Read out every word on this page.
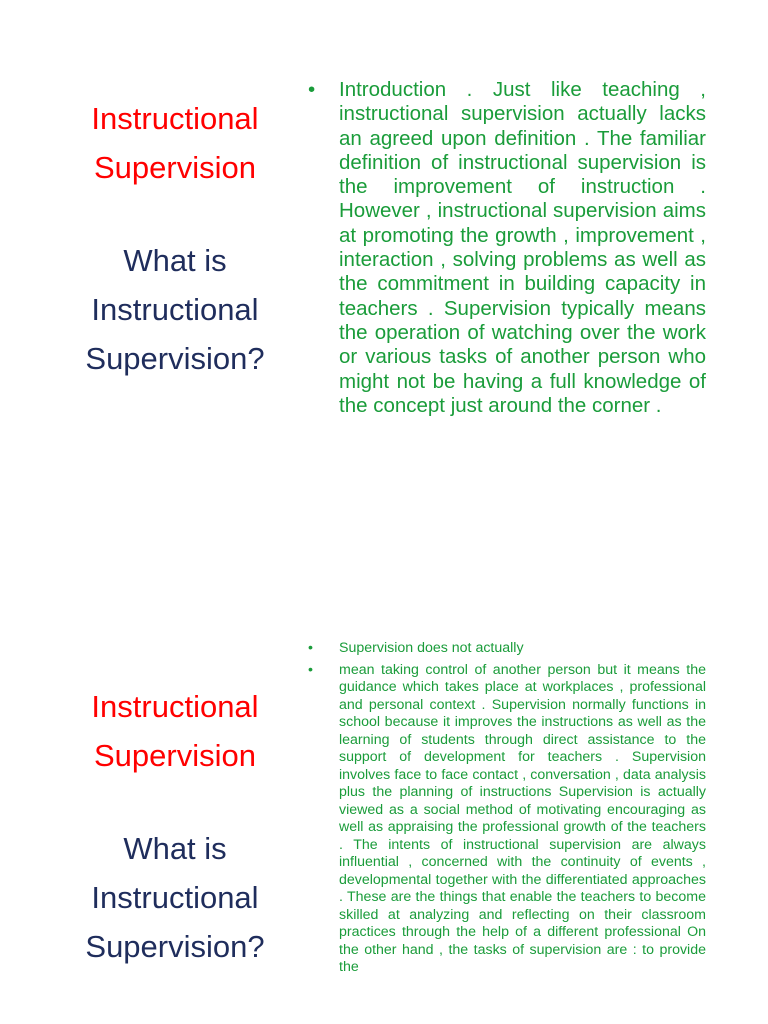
Instructional

Supervision

What is

Instructional

Supervision?

• Introduction . Just like teaching , instructional supervision actually lacks an agreed upon definition . The familiar definition of instructional supervision is the improvement of instruction . However , instructional supervision aims at promoting the growth , improvement , interaction , solving problems as well as the commitment in building capacity in teachers . Supervision typically means the operation of watching over the work or various tasks of another person who might not be having a full knowledge of the concept just around the corner .

Instructional

Supervision

What is

Instructional

Supervision?

• Supervision does not actually
• mean taking control of another person but it means the guidance which takes place at workplaces , professional and personal context . Supervision normally functions in school because it improves the instructions as well as the learning of students through direct assistance to the support of development for teachers . Supervision involves face to face contact , conversation , data analysis plus the planning of instructions Supervision is actually viewed as a social method of motivating encouraging as well as appraising the professional growth of the teachers . The intents of instructional supervision are always influential , concerned with the continuity of events , developmental together with the differentiated approaches . These are the things that enable the teachers to become skilled at analyzing and reflecting on their classroom practices through the help of a different professional On the other hand , the tasks of supervision are : to provide the
